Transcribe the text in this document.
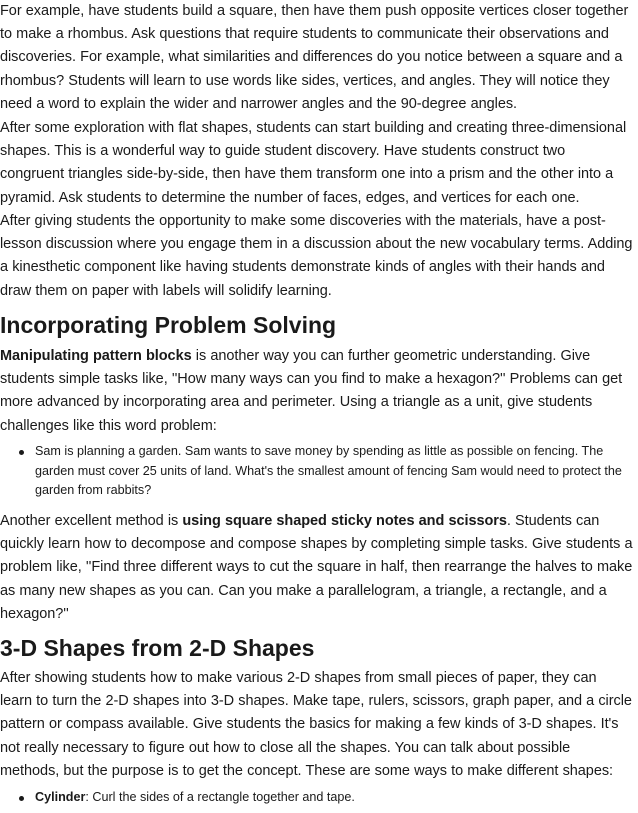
For example, have students build a square, then have them push opposite vertices closer together to make a rhombus. Ask questions that require students to communicate their observations and discoveries. For example, what similarities and differences do you notice between a square and a rhombus? Students will learn to use words like sides, vertices, and angles. They will notice they need a word to explain the wider and narrower angles and the 90-degree angles.

After some exploration with flat shapes, students can start building and creating three-dimensional shapes. This is a wonderful way to guide student discovery. Have students construct two congruent triangles side-by-side, then have them transform one into a prism and the other into a pyramid. Ask students to determine the number of faces, edges, and vertices for each one.

After giving students the opportunity to make some discoveries with the materials, have a post-lesson discussion where you engage them in a discussion about the new vocabulary terms. Adding a kinesthetic component like having students demonstrate kinds of angles with their hands and draw them on paper with labels will solidify learning.

Incorporating Problem Solving

Manipulating pattern blocks is another way you can further geometric understanding. Give students simple tasks like, ''How many ways can you find to make a hexagon?'' Problems can get more advanced by incorporating area and perimeter. Using a triangle as a unit, give students challenges like this word problem:

Sam is planning a garden. Sam wants to save money by spending as little as possible on fencing. The garden must cover 25 units of land. What's the smallest amount of fencing Sam would need to protect the garden from rabbits?

Another excellent method is using square shaped sticky notes and scissors. Students can quickly learn how to decompose and compose shapes by completing simple tasks. Give students a problem like, ''Find three different ways to cut the square in half, then rearrange the halves to make as many new shapes as you can. Can you make a parallelogram, a triangle, a rectangle, and a hexagon?''

3-D Shapes from 2-D Shapes

After showing students how to make various 2-D shapes from small pieces of paper, they can learn to turn the 2-D shapes into 3-D shapes. Make tape, rulers, scissors, graph paper, and a circle pattern or compass available. Give students the basics for making a few kinds of 3-D shapes. It's not really necessary to figure out how to close all the shapes. You can talk about possible methods, but the purpose is to get the concept. These are some ways to make different shapes:

Cylinder: Curl the sides of a rectangle together and tape.
